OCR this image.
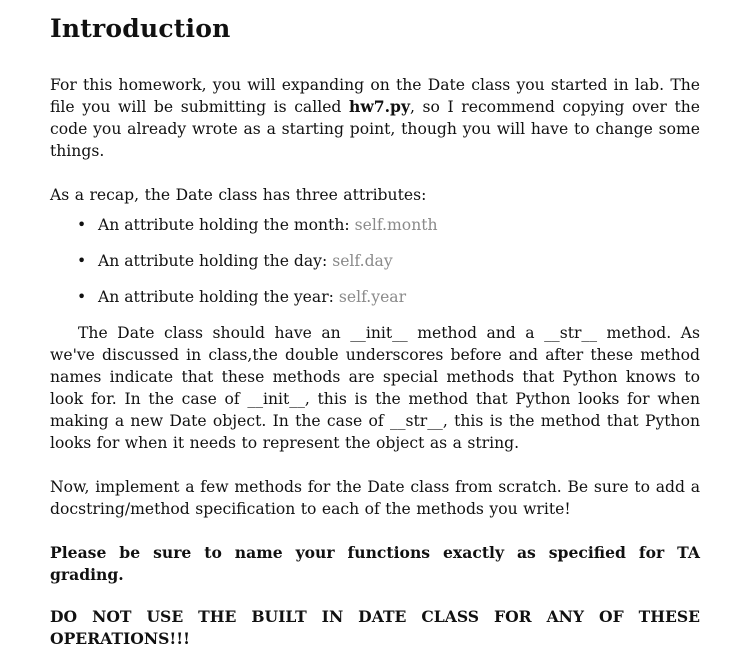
Introduction

For this homework, you will expanding on the Date class you started in lab. The file you will be submitting is called hw7.py, so I recommend copying over the code you already wrote as a starting point, though you will have to change some things.

As a recap, the Date class has three attributes:

• An attribute holding the month: self.month
• An attribute holding the day: self.day
• An attribute holding the year: self.year

The Date class should have an __init__ method and a __str__ method. As we've discussed in class,the double underscores before and after these method names indicate that these methods are special methods that Python knows to look for. In the case of __init__, this is the method that Python looks for when making a new Date object. In the case of __str__, this is the method that Python looks for when it needs to represent the object as a string.

Now, implement a few methods for the Date class from scratch. Be sure to add a docstring/method specification to each of the methods you write!

Please be sure to name your functions exactly as specified for TA grading.

DO NOT USE THE BUILT IN DATE CLASS FOR ANY OF THESE OPERATIONS!!!
